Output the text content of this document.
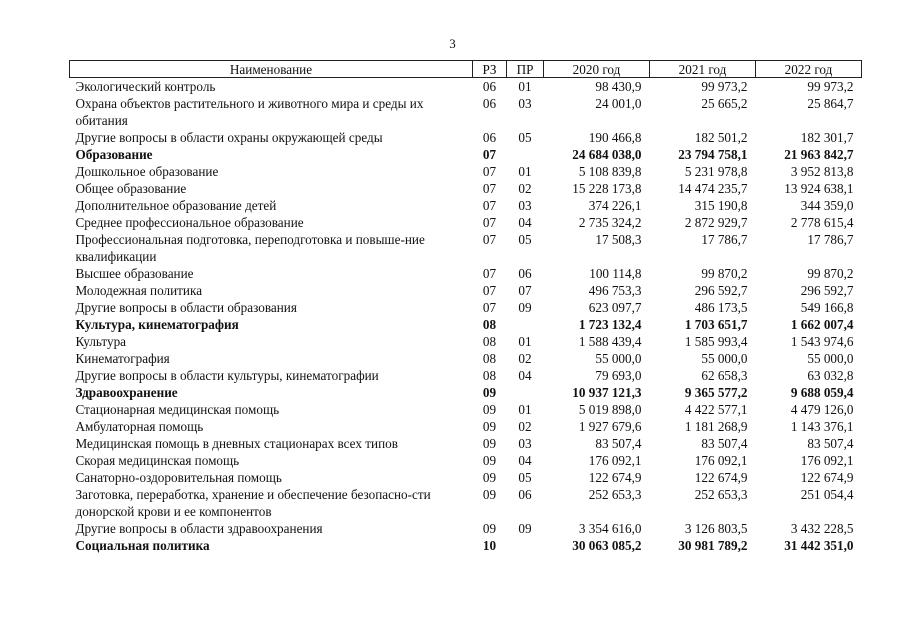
3
Наименование	РЗ	ПР	2020 год	2021 год	2022 год
Экологический контроль	06	01	98 430,9	99 973,2	99 973,2
Охрана объектов растительного и животного мира и среды их обитания	06	03	24 001,0	25 665,2	25 864,7
Другие вопросы в области охраны окружающей среды	06	05	190 466,8	182 501,2	182 301,7
Образование	07		24 684 038,0	23 794 758,1	21 963 842,7
Дошкольное образование	07	01	5 108 839,8	5 231 978,8	3 952 813,8
Общее образование	07	02	15 228 173,8	14 474 235,7	13 924 638,1
Дополнительное образование детей	07	03	374 226,1	315 190,8	344 359,0
Среднее профессиональное образование	07	04	2 735 324,2	2 872 929,7	2 778 615,4
Профессиональная подготовка, переподготовка и повыше-ние квалификации	07	05	17 508,3	17 786,7	17 786,7
Высшее образование	07	06	100 114,8	99 870,2	99 870,2
Молодежная политика	07	07	496 753,3	296 592,7	296 592,7
Другие вопросы в области образования	07	09	623 097,7	486 173,5	549 166,8
Культура, кинематография	08		1 723 132,4	1 703 651,7	1 662 007,4
Культура	08	01	1 588 439,4	1 585 993,4	1 543 974,6
Кинематография	08	02	55 000,0	55 000,0	55 000,0
Другие вопросы в области культуры, кинематографии	08	04	79 693,0	62 658,3	63 032,8
Здравоохранение	09		10 937 121,3	9 365 577,2	9 688 059,4
Стационарная медицинская помощь	09	01	5 019 898,0	4 422 577,1	4 479 126,0
Амбулаторная помощь	09	02	1 927 679,6	1 181 268,9	1 143 376,1
Медицинская помощь в дневных стационарах всех типов	09	03	83 507,4	83 507,4	83 507,4
Скорая медицинская помощь	09	04	176 092,1	176 092,1	176 092,1
Санаторно-оздоровительная помощь	09	05	122 674,9	122 674,9	122 674,9
Заготовка, переработка, хранение и обеспечение безопасно-сти донорской крови и ее компонентов	09	06	252 653,3	252 653,3	251 054,4
Другие вопросы в области здравоохранения	09	09	3 354 616,0	3 126 803,5	3 432 228,5
Социальная политика	10		30 063 085,2	30 981 789,2	31 442 351,0
